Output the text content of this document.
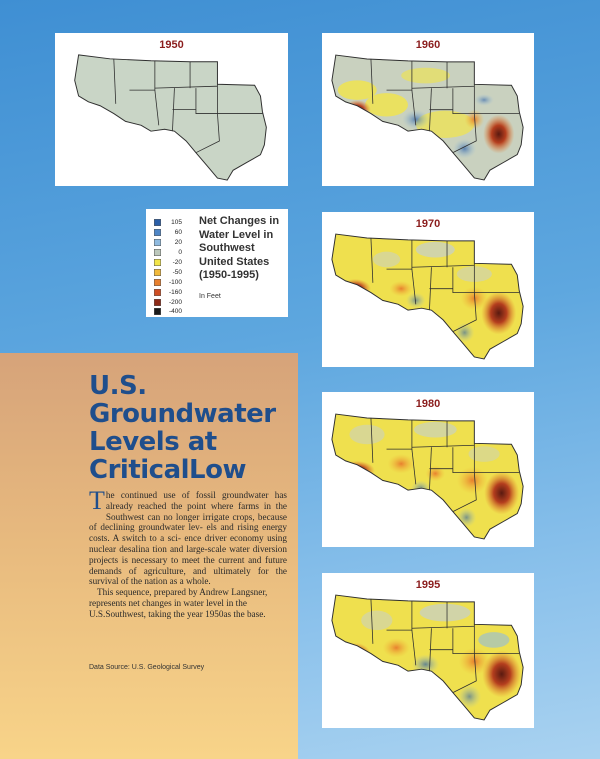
1950	1960
1970
105
60
20
0
-20
-50
-100
-160
-200
-400
Net Changes in
Water Level in
Southwest
United States
(1950-1995)
In Feet
1980
1995
U.S.
Groundwater
Levels at
CriticalLow

The continued use of fossil groundwater has already reached the point where farms in the Southwest can no longer irrigate crops, because of declining groundwater lev- els and rising energy costs. A switch to a sci- ence driver economy using nuclear desalina tion and large-scale water diversion projects is necessary to meet the current and future demands of agriculture, and ultimately for the survival of the nation as a whole.

This sequence, prepared by Andrew Langsner, represents net changes in water level in the U.S.Southwest, taking the year 1950as the base.

Data Source: U.S. Geological Survey
